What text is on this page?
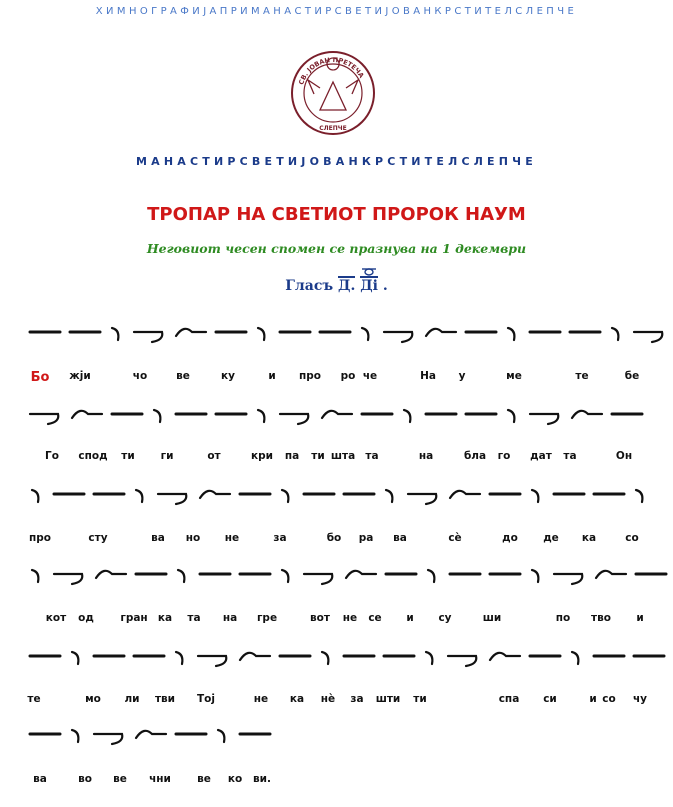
ХИМНОГРАФИЈАПРИМАНАСТИРСВЕТИЈОВАНКРСТИТЕЛСЛЕПЧЕ
СВ. ЈОВАН ПРЕТЕЧА
СЛЕПЧЕ
МАНАСТИРСВЕТИЈОВАНКРСТИТЕЛСЛЕПЧЕ
ТРОПАР НА СВЕТИОТ ПРОРОК НАУМ
Неговиот чесен спомен се празнува на 1 декември
Гласъ Д. Ді .
Бо жји	чо	ве	ку	и про ро че	На у	ме	те	бе
Го спод ти ги	от	кри па ти шта та	на	бла го дат та	Он
про	сту	ва но не	за	бо ра ва	сѐ	до де ка	со
кот од	гран ка та на гре	вот не се и су	ши	по тво и
те	мо ли тви Тој	не ка нѐ за шти ти	спа си	и со чу
ва	во ве чни ве ко ви.
